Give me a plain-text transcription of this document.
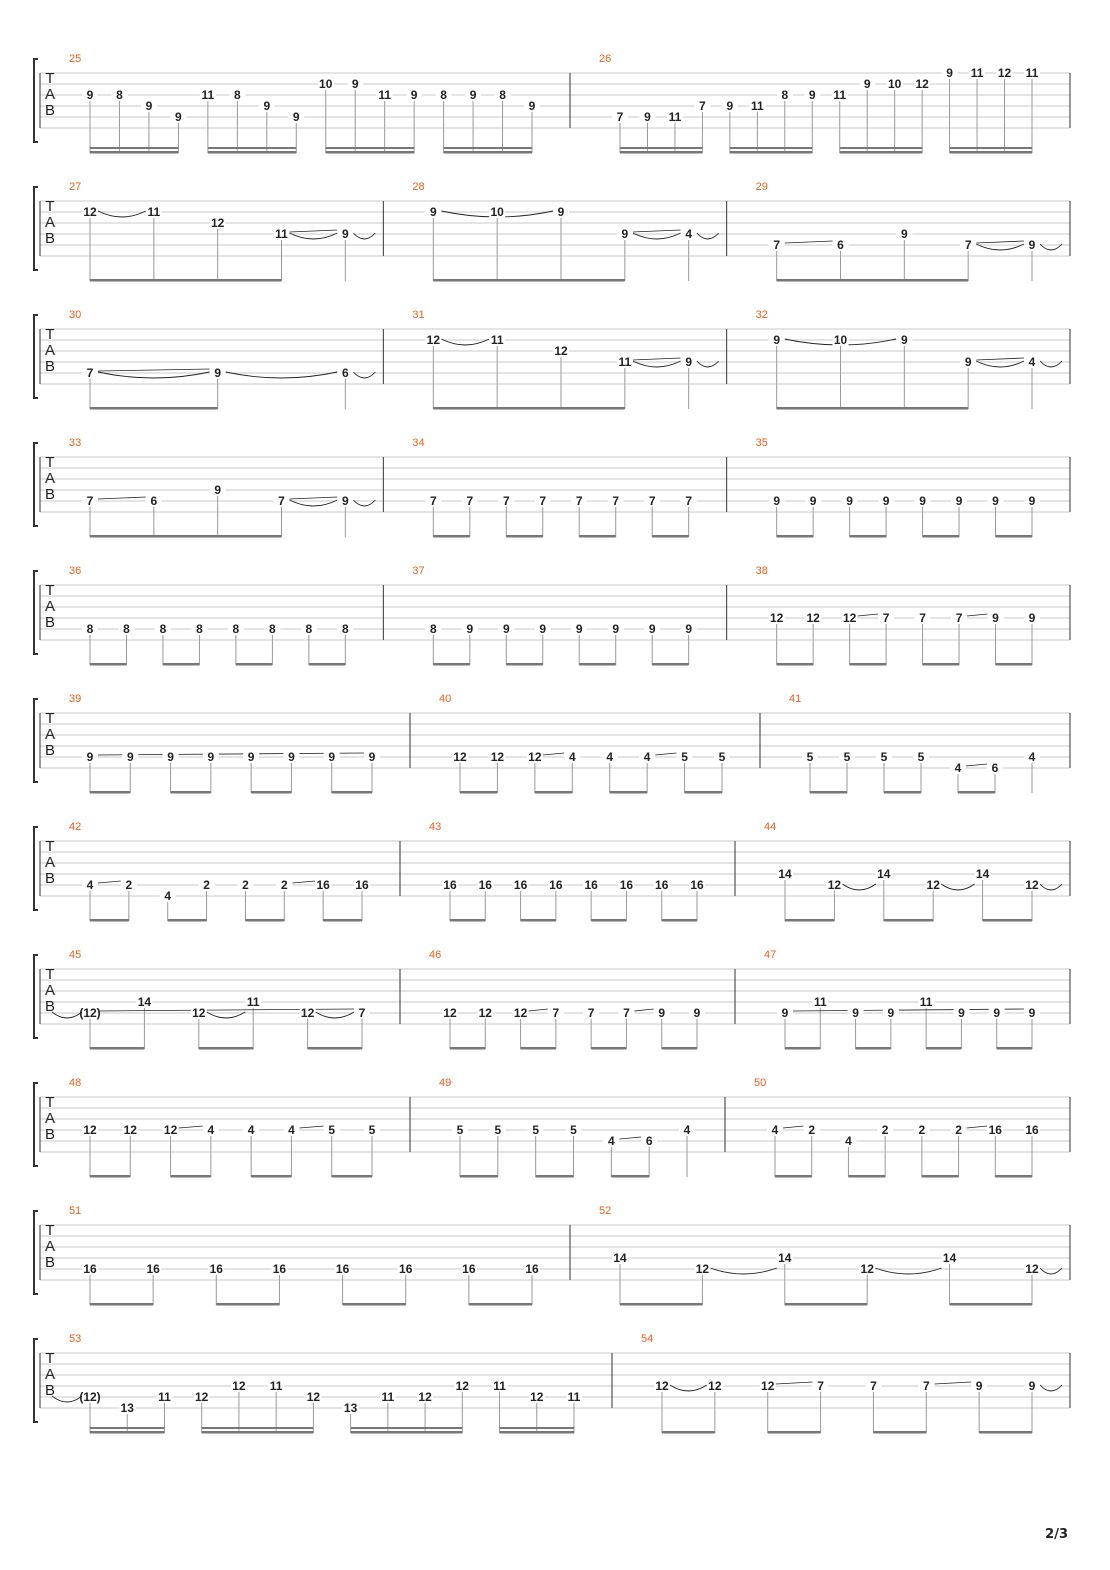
T
A
B
25
9 8
9
9
11 8
9
9
10 9
11 9 8 9 8
9
26
7 9 11
7 9 11
8 9 11
9 10 12
9 11 12 11
T
A
B
27
12	11
12
11	9
28
9	10	9
9	4
29
7	6
9
7	9
T
A
B
30
7	9	6
31
12	11
12
11	9
32
9	10	9
9	4
T
A
B
33
7	6
9
7	9
34
7 7 7 7 7 7 7 7
35
9 9 9 9 9 9 9 9
T
A
B
36
8 8 8 8 8 8 8 8
37
8 9 9 9 9 9 9 9
38
12 12 12 7 7 7 9 9
T
A
B
39
9	9	9	9	9	9	9	9
40
12 12 12 4	4	4	5	5
41
5	5	5	5
4	6
4
T
A
B
42
4	2
4
2	2	2 16 16
43
16 16 16 16 16 16 16 16
44
14
12
14
12
14
12
T
A
B
45
(12)
14
12
11
12	7
46
12 12 12 7 7 7 9 9
47
9
11
9 9
11
9 9 9
T
A
B
48
12 12 12	4	4	4	5	5
49
5	5	5	5
4	6
4
50
4	2
4
2	2	2 16 16
T
A
B
51
16	16	16	16	16	16	16	16
52
14
12
14
12
14
12
T
A
B
53
(12)
13
11 12
12 11
12
13
11 12
12 11
12 11
54
12	12	12	7	7	7	9	9
2/3
